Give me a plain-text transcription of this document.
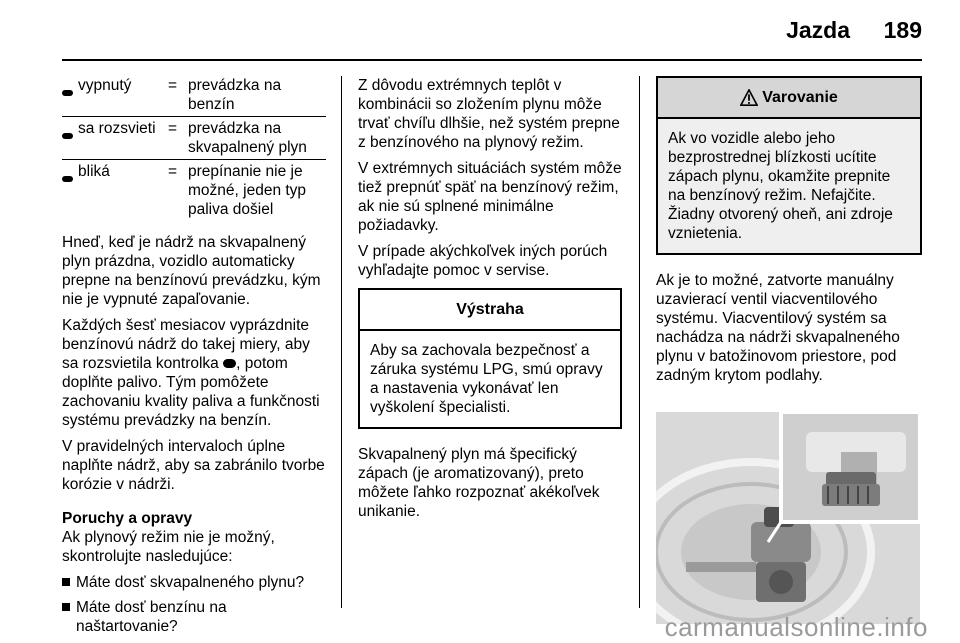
Jazda 189
vypnutý	= prevádzka na benzín
sa rozsvieti = prevádzka na skvapalnený plyn
bliká	= prepínanie nie je možné, jeden typ paliva došiel

Hneď, keď je nádrž na skvapalnený plyn prázdna, vozidlo automaticky prepne na benzínovú prevádzku, kým nie je vypnuté zapaľovanie.

Každých šesť mesiacov vyprázdnite benzínovú nádrž do takej miery, aby sa rozsvietila kontrolka , potom doplňte palivo. Tým pomôžete zachovaniu kvality paliva a funkčnosti systému prevádzky na benzín.

V pravidelných intervaloch úplne naplňte nádrž, aby sa zabránilo tvorbe korózie v nádrži.

Poruchy a opravy

Ak plynový režim nie je možný, skontrolujte nasledujúce:

Máte dosť skvapalneného plynu?
Máte dosť benzínu na naštartovanie?

Z dôvodu extrémnych teplôt v kombinácii so zložením plynu môže trvať chvíľu dlhšie, než systém prepne z benzínového na plynový režim.

V extrémnych situáciách systém môže tiež prepnúť späť na benzínový režim, ak nie sú splnené minimálne požiadavky.

V prípade akýchkoľvek iných porúch vyhľadajte pomoc v servise.

Výstraha
Aby sa zachovala bezpečnosť a záruka systému LPG, smú opravy a nastavenia vykonávať len vyškolení špecialisti.

Skvapalnený plyn má špecifický zápach (je aromatizovaný), preto môžete ľahko rozpoznať akékoľvek unikanie.

Varovanie
Ak vo vozidle alebo jeho bezprostrednej blízkosti ucítite zápach plynu, okamžite prepnite na benzínový režim. Nefajčite. Žiadny otvorený oheň, ani zdroje vznietenia.

Ak je to možné, zatvorte manuálny uzavierací ventil viacventilového systému. Viacventilový systém sa nachádza na nádrži skvapalneného plynu v batožinovom priestore, pod zadným krytom podlahy.

carmanualsonline.info
